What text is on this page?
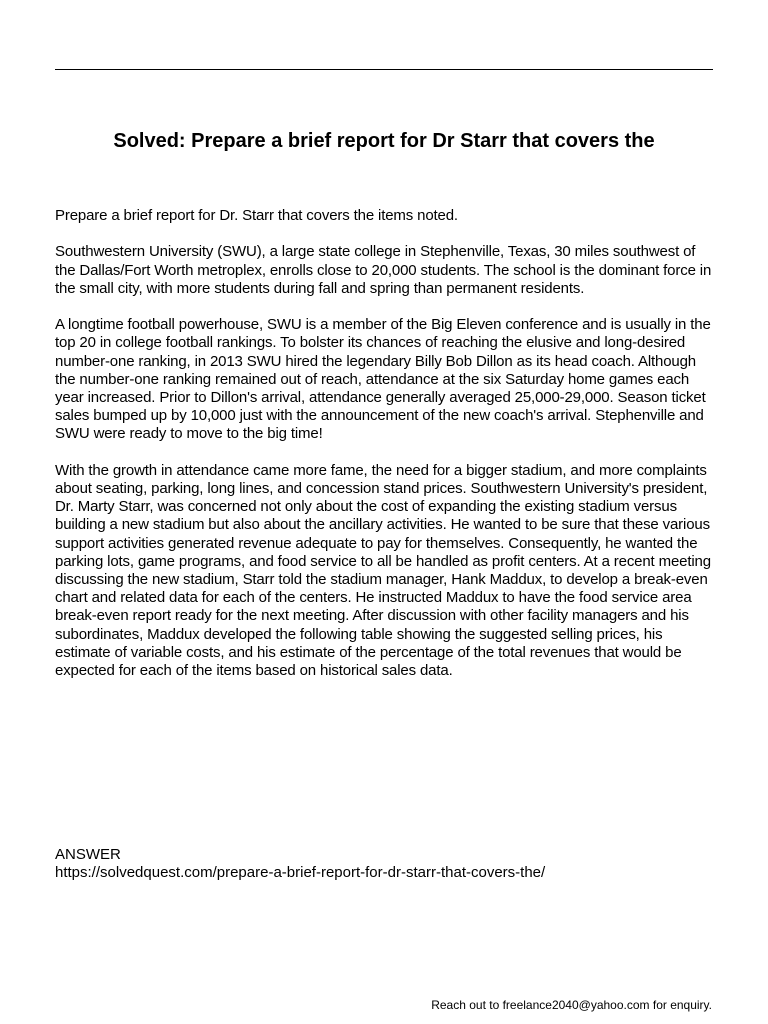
Solved: Prepare a brief report for Dr Starr that covers the

Prepare a brief report for Dr. Starr that covers the items noted.

Southwestern University (SWU), a large state college in Stephenville, Texas, 30 miles southwest of the Dallas/Fort Worth metroplex, enrolls close to 20,000 students. The school is the dominant force in the small city, with more students during fall and spring than permanent residents.

A longtime football powerhouse, SWU is a member of the Big Eleven conference and is usually in the top 20 in college football rankings. To bolster its chances of reaching the elusive and long-desired number-one ranking, in 2013 SWU hired the legendary Billy Bob Dillon as its head coach. Although the number-one ranking remained out of reach, attendance at the six Saturday home games each year increased. Prior to Dillon's arrival, attendance generally averaged 25,000-29,000. Season ticket sales bumped up by 10,000 just with the announcement of the new coach's arrival. Stephenville and SWU were ready to move to the big time!

With the growth in attendance came more fame, the need for a bigger stadium, and more complaints about seating, parking, long lines, and concession stand prices. Southwestern University's president, Dr. Marty Starr, was concerned not only about the cost of expanding the existing stadium versus building a new stadium but also about the ancillary activities. He wanted to be sure that these various support activities generated revenue adequate to pay for themselves. Consequently, he wanted the parking lots, game programs, and food service to all be handled as profit centers. At a recent meeting discussing the new stadium, Starr told the stadium manager, Hank Maddux, to develop a break-even chart and related data for each of the centers. He instructed Maddux to have the food service area break-even report ready for the next meeting. After discussion with other facility managers and his subordinates, Maddux developed the following table showing the suggested selling prices, his estimate of variable costs, and his estimate of the percentage of the total revenues that would be expected for each of the items based on historical sales data.

ANSWER
https://solvedquest.com/prepare-a-brief-report-for-dr-starr-that-covers-the/
Reach out to freelance2040@yahoo.com for enquiry.
